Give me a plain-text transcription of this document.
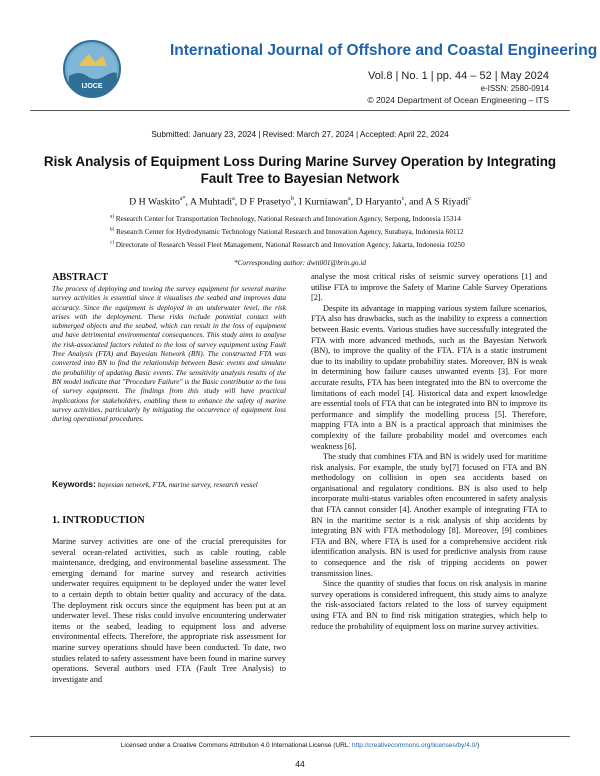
IJOCE
International Journal of Offshore and Coastal Engineering
Vol.8 | No. 1 | pp. 44 – 52 | May 2024
e-ISSN: 2580-0914
© 2024 Department of Ocean Engineering – ITS
Submitted: January 23, 2024 | Revised: March 27, 2024 | Accepted: April 22, 2024
Risk Analysis of Equipment Loss During Marine Survey Operation by Integrating Fault Tree to Bayesian Network
D H Waskito$^{a*}$, A Muhtadi$^a$, D F Prasetyo$^b$, I Kurniawan$^a$, D Haryanto$^c$, and A S Riyadi$^c$
$^{a)}$ Research Center for Transportation Technology, National Research and Innovation Agency, Serpong, Indonesia 15314
$^{b)}$ Research Center for Hydrodynamic Technology National Research and Innovation Agency, Surabaya, Indonesia 60112
$^{c)}$ Directorate of Research Vessel Fleet Management, National Research and Innovation Agency, Jakarta, Indonesia 10250
*Corresponding author: dwit001@brin.go.id
ABSTRACT
The process of deploying and towing the survey equipment for several marine survey activities is essential since it visualises the seabed and improves data accuracy. Since the equipment is deployed in an underwater level, the risk arises with the deployment. These risks include potential contact with submerged objects and the seabed, which can result in the loss of equipment and have detrimental environmental consequences. This study aims to analyse the risk-associated factors related to the loss of survey equipment using Fault Tree Analysis (FTA) and Bayesian Network (BN). The constructed FTA was converted into BN to find the relationship between Basic events and simulate the probability of updating Basic events. The sensitivity analysis results of the BN model indicate that "Procedure Failure" is the Basic contributor to the loss of survey equipment. The findings from this study will have practical implications for stakeholders, enabling them to enhance the safety of marine survey activities, particularly by mitigating the occurrence of equipment loss during operational procedures.
Keywords: bayesian network, FTA, marine survey, research vessel
1. INTRODUCTION

Marine survey activities are one of the crucial prerequisites for several ocean-related activities, such as cable routing, cable maintenance, dredging, and environmental baseline assessment. The emerging demand for marine survey and research activities underwater requires equipment to be deployed under the water level to a certain depth to obtain better quality and accuracy of the data. The deployment risk occurs since the equipment has been put at an underwater level. These risks could involve encountering underwater items or the seabed, leading to equipment loss and adverse environmental effects. Therefore, the appropriate risk assessment for marine survey operations should have been conducted. To date, two studies related to safety assessment have been found in marine survey operations. Several authors used FTA (Fault Tree Analysis) to investigate and

analyse the most critical risks of seismic survey operations [1] and utilise FTA to improve the Safety of Marine Cable Survey Operations [2].

Despite its advantage in mapping various system failure scenarios, FTA also has drawbacks, such as the inability to express a connection between Basic events. Various studies have successfully integrated the FTA with more advanced methods, such as the Bayesian Network (BN), to improve the quality of the FTA. FTA is a static instrument due to its inability to update probability states. Moreover, BN is weak in determining how failure causes unwanted events [3]. For more accurate results, FTA has been integrated into the BN to overcome the limitations of each model [4]. Historical data and expert knowledge are essential tools of FTA that can be integrated into BN to improve its performance and simplify the modelling process [5]. Therefore, mapping FTA into a BN is a practical approach that minimises the complexity of the failure probability model and overcomes each weakness [6].

The study that combines FTA and BN is widely used for maritime risk analysis. For example, the study by[7] focused on FTA and BN methodology on collision in open sea accidents based on organisational and regulatory conditions. BN is also used to help incorporate multi-status variables often encountered in safety analysis that FTA cannot consider [4]. Another example of integrating FTA to BN in the maritime sector is a risk analysis of ship accidents by integrating BN with FTA methodology [8]. Moreover, [9] combines FTA and BN, where FTA is used for a comprehensive accident risk identification analysis. BN is used for predictive analysis from cause to consequence and the risk of tripping accidents on power transmission lines.

Since the quantity of studies that focus on risk analysis in marine survey operations is considered infrequent, this study aims to analyze the risk-associated factors related to the loss of survey equipment using FTA and BN to find risk mitigation strategies, which help to reduce the probability of equipment loss on marine survey activities.

Licensed under a Creative Commons Attribution 4.0 International License (URL: http://creativecommons.org/licenses/by/4.0/)
44
